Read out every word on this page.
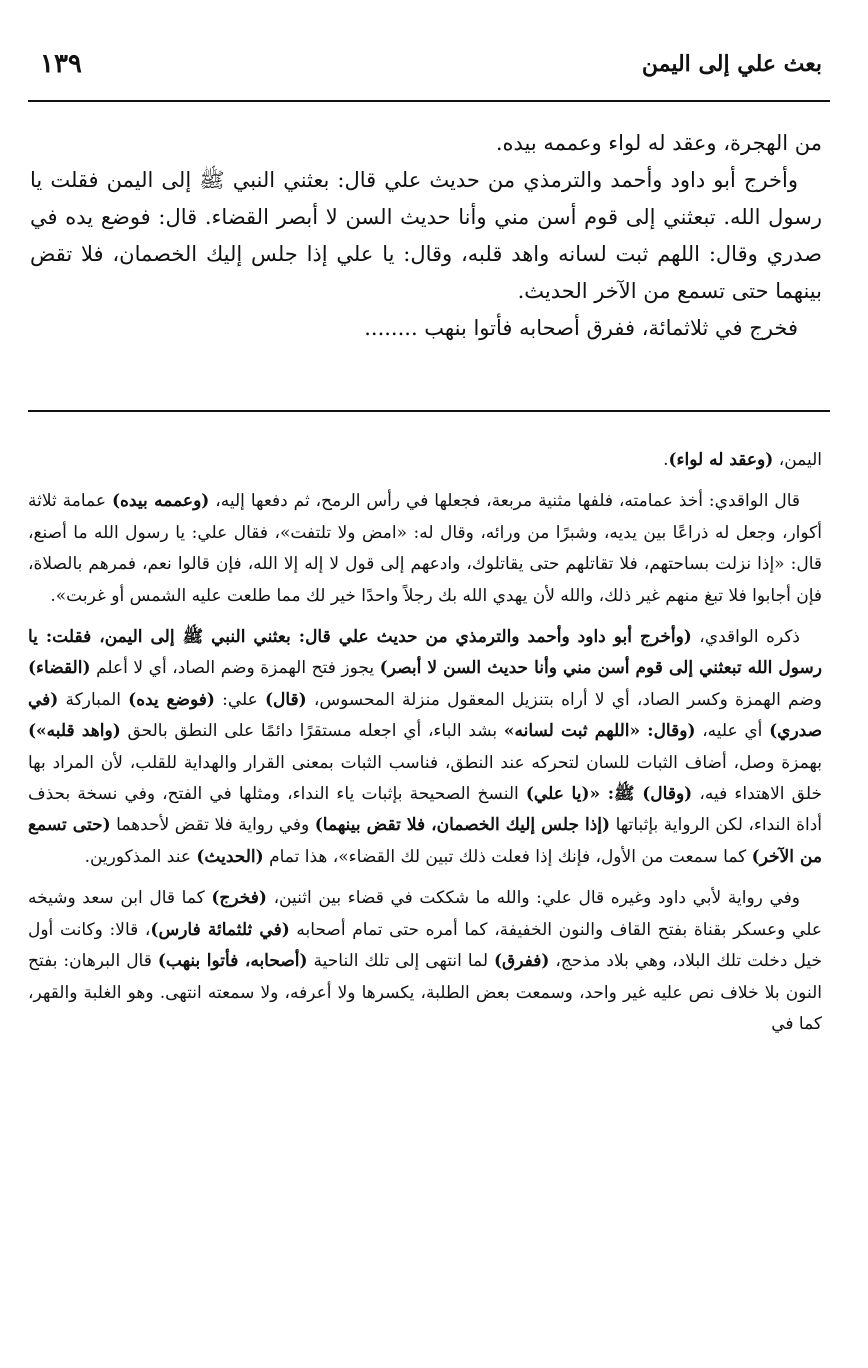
بعث علي إلى اليمن
١٣٩

من الهجرة، وعقد له لواء وعممه بيده.

وأخرج أبو داود وأحمد والترمذي من حديث علي قال: بعثني النبي ﷺ إلى اليمن فقلت يا رسول الله. تبعثني إلى قوم أسن مني وأنا حديث السن لا أبصر القضاء. قال: فوضع يده في صدري وقال: اللهم ثبت لسانه واهد قلبه، وقال: يا علي إذا جلس إليك الخصمان، فلا تقض بينهما حتى تسمع من الآخر الحديث.

فخرج في ثلاثمائة، ففرق أصحابه فأتوا بنهب ........

اليمن، (وعقد له لواء).

قال الواقدي: أخذ عمامته، فلفها مثنية مربعة، فجعلها في رأس الرمح، ثم دفعها إليه، (وعممه بيده) عمامة ثلاثة أكوار، وجعل له ذراعًا بين يديه، وشبرًا من ورائه، وقال له: «امض ولا تلتفت»، فقال علي: يا رسول الله ما أصنع، قال: «إذا نزلت بساحتهم، فلا تقاتلهم حتى يقاتلوك، وادعهم إلى قول لا إله إلا الله، فإن قالوا نعم، فمرهم بالصلاة، فإن أجابوا فلا تبغ منهم غير ذلك، والله لأن يهدي الله بك رجلاً واحدًا خير لك مما طلعت عليه الشمس أو غربت».

ذكره الواقدي، (وأخرج أبو داود وأحمد والترمذي من حديث علي قال: بعثني النبي ﷺ إلى اليمن، فقلت: يا رسول الله تبعثني إلى قوم أسن مني وأنا حديث السن لا أبصر) يجوز فتح الهمزة وضم الصاد، أي لا أعلم (القضاء) وضم الهمزة وكسر الصاد، أي لا أراه بتنزيل المعقول منزلة المحسوس، (قال) علي: (فوضع يده) المباركة (في صدري) أي عليه، (وقال: «اللهم ثبت لسانه» بشد الباء، أي اجعله مستقرًا دائمًا على النطق بالحق (واهد قلبه») بهمزة وصل، أضاف الثبات للسان لتحركه عند النطق، فناسب الثبات بمعنى القرار والهداية للقلب، لأن المراد بها خلق الاهتداء فيه، (وقال) ﷺ: «(يا علي) النسخ الصحيحة بإثبات ياء النداء، ومثلها في الفتح، وفي نسخة بحذف أداة النداء، لكن الرواية بإثباتها (إذا جلس إليك الخصمان، فلا تقض بينهما) وفي رواية فلا تقض لأحدهما (حتى تسمع من الآخر) كما سمعت من الأول، فإنك إذا فعلت ذلك تبين لك القضاء»، هذا تمام (الحديث) عند المذكورين.

وفي رواية لأبي داود وغيره قال علي: والله ما شككت في قضاء بين اثنين، (فخرج) كما قال ابن سعد وشيخه علي وعسكر بقناة بفتح القاف والنون الخفيفة، كما أمره حتى تمام أصحابه (في ثلثمائة فارس)، قالا: وكانت أول خيل دخلت تلك البلاد، وهي بلاد مذحج، (ففرق) لما انتهى إلى تلك الناحية (أصحابه، فأتوا بنهب) قال البرهان: بفتح النون بلا خلاف نص عليه غير واحد، وسمعت بعض الطلبة، يكسرها ولا أعرفه، ولا سمعته انتهى. وهو الغلبة والقهر، كما في
